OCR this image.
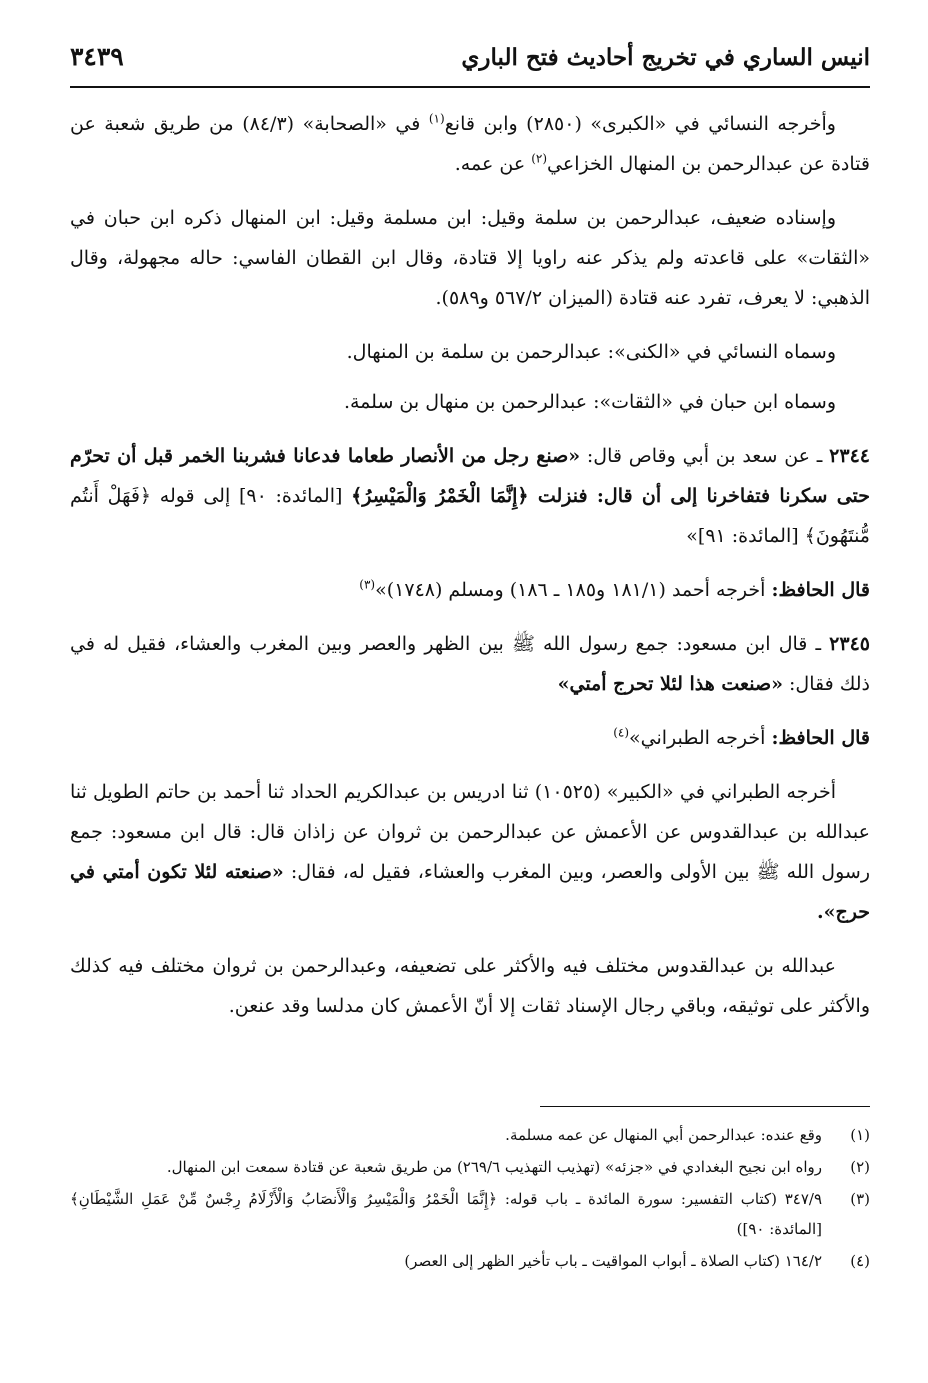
انيس الساري في تخريج أحاديث فتح الباري
٣٤٣٩

وأخرجه النسائي في «الكبرى» (٢٨٥٠) وابن قانع$^{(١)}$ في «الصحابة» (٨٤/٣) من طريق شعبة عن قتادة عن عبدالرحمن بن المنهال الخزاعي$^{(٢)}$ عن عمه.

وإسناده ضعيف، عبدالرحمن بن سلمة وقيل: ابن مسلمة وقيل: ابن المنهال ذكره ابن حبان في «الثقات» على قاعدته ولم يذكر عنه راويا إلا قتادة، وقال ابن القطان الفاسي: حاله مجهولة، وقال الذهبي: لا يعرف، تفرد عنه قتادة (الميزان ٥٦٧/٢ و٥٨٩).

وسماه النسائي في «الكنى»: عبدالرحمن بن سلمة بن المنهال.

وسماه ابن حبان في «الثقات»: عبدالرحمن بن منهال بن سلمة.

٢٣٤٤ ـ عن سعد بن أبي وقاص قال: «صنع رجل من الأنصار طعاما فدعانا فشربنا الخمر قبل أن تحرّم حتى سكرنا فتفاخرنا إلى أن قال: فنزلت ﴿إِنَّمَا الْخَمْرُ وَالْمَيْسِرُ﴾ [المائدة: ٩٠] إلى قوله ﴿فَهَلْ أَنتُم مُّنتَهُونَ﴾ [المائدة: ٩١]»

قال الحافظ: أخرجه أحمد (١٨١/١ و١٨٥ ـ ١٨٦) ومسلم (١٧٤٨)»$^{(٣)}$

٢٣٤٥ ـ قال ابن مسعود: جمع رسول الله ﷺ بين الظهر والعصر وبين المغرب والعشاء، فقيل له في ذلك فقال: «صنعت هذا لئلا تحرج أمتي»

قال الحافظ: أخرجه الطبراني»$^{(٤)}$

أخرجه الطبراني في «الكبير» (١٠٥٢٥) ثنا ادريس بن عبدالكريم الحداد ثنا أحمد بن حاتم الطويل ثنا عبدالله بن عبدالقدوس عن الأعمش عن عبدالرحمن بن ثروان عن زاذان قال: قال ابن مسعود: جمع رسول الله ﷺ بين الأولى والعصر، وبين المغرب والعشاء، فقيل له، فقال: «صنعته لئلا تكون أمتي في حرج».

عبدالله بن عبدالقدوس مختلف فيه والأكثر على تضعيفه، وعبدالرحمن بن ثروان مختلف فيه كذلك والأكثر على توثيقه، وباقي رجال الإسناد ثقات إلا أنّ الأعمش كان مدلسا وقد عنعن.

(١)
وقع عنده: عبدالرحمن أبي المنهال عن عمه مسلمة.
(٢)
رواه ابن نجيح البغدادي في «جزئه» (تهذيب التهذيب ٢٦٩/٦) من طريق شعبة عن قتادة سمعت ابن المنهال.
(٣)
٣٤٧/٩ (كتاب التفسير: سورة المائدة ـ باب قوله: ﴿إِنَّمَا الْخَمْرُ وَالْمَيْسِرُ وَالْأَنصَابُ وَالْأَزْلَامُ رِجْسٌ مِّنْ عَمَلِ الشَّيْطَانِ﴾ [المائدة: ٩٠])
(٤)
١٦٤/٢ (كتاب الصلاة ـ أبواب المواقيت ـ باب تأخير الظهر إلى العصر)
